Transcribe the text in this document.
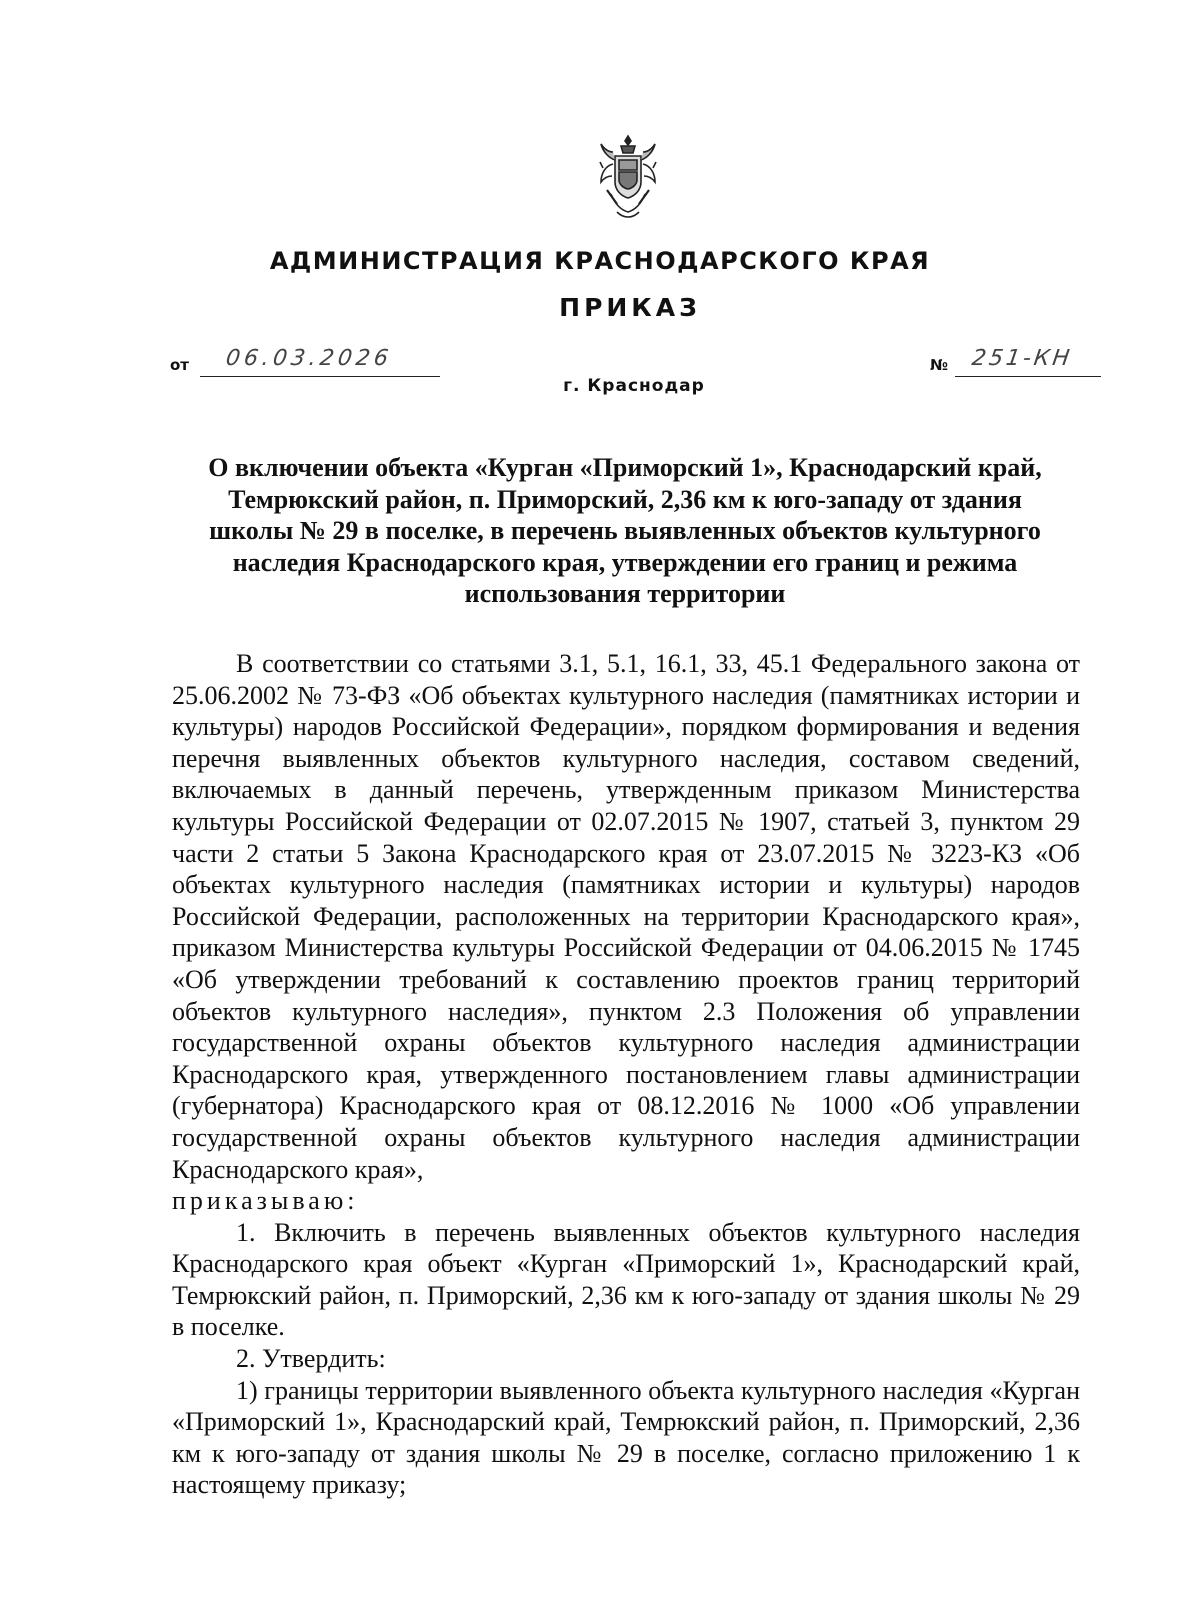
АДМИНИСТРАЦИЯ КРАСНОДАРСКОГО КРАЯ
ПРИКАЗ
от 06.03.2026	№ 251-КН
г. Краснодар
О включении объекта «Курган «Приморский 1», Краснодарский край,
Темрюкский район, п. Приморский, 2,36 км к юго-западу от здания
школы № 29 в поселке, в перечень выявленных объектов культурного
наследия Краснодарского края, утверждении его границ и режима
использования территории

В соответствии со статьями 3.1, 5.1, 16.1, 33, 45.1 Федерального закона от 25.06.2002 № 73-ФЗ «Об объектах культурного наследия (памятниках истории и культуры) народов Российской Федерации», порядком формирования и ведения перечня выявленных объектов культурного наследия, составом сведений, включаемых в данный перечень, утвержденным приказом Министерства культуры Российской Федерации от 02.07.2015 № 1907, статьей 3, пунктом 29 части 2 статьи 5 Закона Краснодарского края от 23.07.2015 № 3223-КЗ «Об объектах культурного наследия (памятниках истории и культуры) народов Российской Федерации, расположенных на территории Краснодарского края», приказом Министерства культуры Российской Федерации от 04.06.2015 № 1745 «Об утверждении требований к составлению проектов границ территорий объектов культурного наследия», пунктом 2.3 Положения об управлении государственной охраны объектов культурного наследия администрации Краснодарского края, утвержденного постановлением главы администрации (губернатора) Краснодарского края от 08.12.2016 № 1000 «Об управлении государственной охраны объектов культурного наследия администрации Краснодарского края»,

приказываю:

1. Включить в перечень выявленных объектов культурного наследия Краснодарского края объект «Курган «Приморский 1», Краснодарский край, Темрюкский район, п. Приморский, 2,36 км к юго-западу от здания школы № 29 в поселке.

2. Утвердить:

1) границы территории выявленного объекта культурного наследия «Курган «Приморский 1», Краснодарский край, Темрюкский район, п. Приморский, 2,36 км к юго-западу от здания школы № 29 в поселке, согласно приложению 1 к настоящему приказу;
